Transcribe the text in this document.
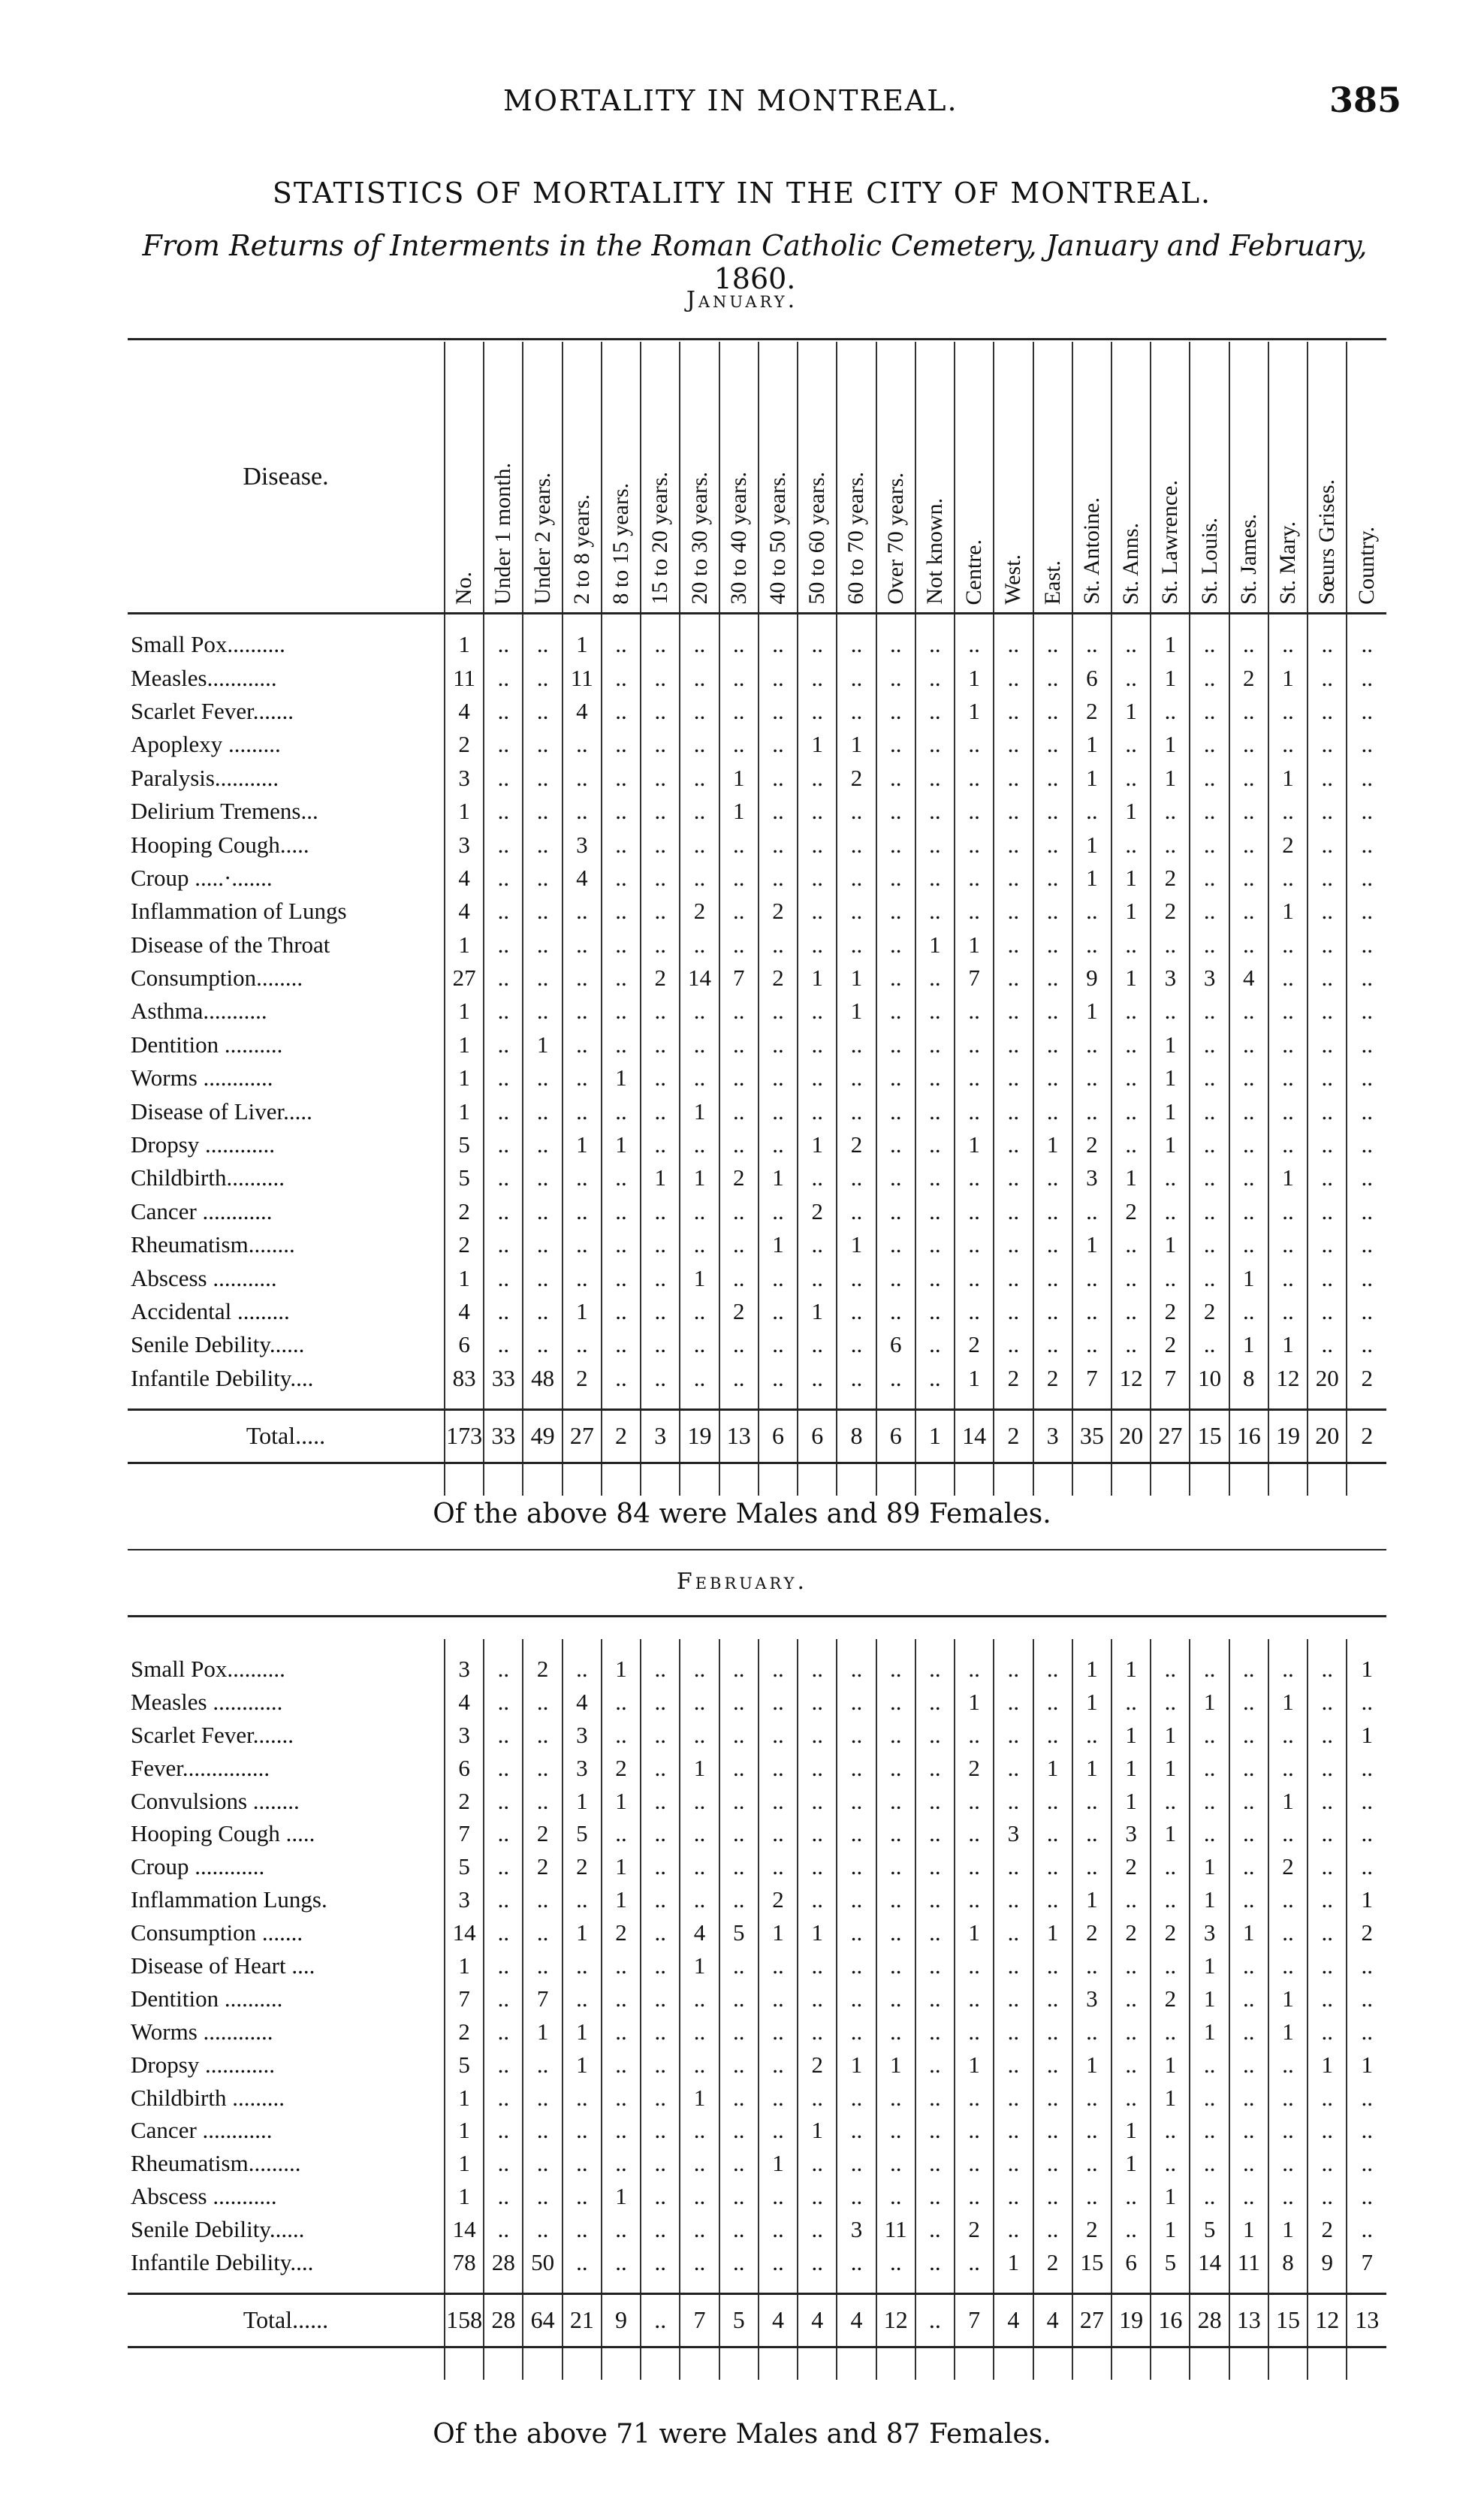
MORTALITY IN MONTREAL.	385
STATISTICS OF MORTALITY IN THE CITY OF MONTREAL.
From Returns of Interments in the Roman Catholic Cemetery, January and February, 1860.
January.
Disease.	No.	Under 1 month.	Under 2 years.	2 to 8 years.	8 to 15 years.	15 to 20 years.	20 to 30 years.	30 to 40 years.	40 to 50 years.	50 to 60 years.	60 to 70 years.	Over 70 years.	Not known.	Centre.	West.	East.	St. Antoine.	St. Anns.	St. Lawrence.	St. Louis.	St. James.	St. Mary.	Sœurs Grises.	Country.

Small Pox..........	1	..	..	1	..	..	..	..	..	..	..	..	..	..	..	..	..	..	1	..	..	..	..	..
Measles............	11	..	..	11	..	..	..	..	..	..	..	..	..	1	..	..	6	..	1	..	2	1	..	..
Scarlet Fever.......	4	..	..	4	..	..	..	..	..	..	..	..	..	1	..	..	2	1	..	..	..	..	..	..
Apoplexy .........	2	..	..	..	..	..	..	..	..	1	1	..	..	..	..	..	1	..	1	..	..	..	..	..
Paralysis...........	3	..	..	..	..	..	..	1	..	..	2	..	..	..	..	..	1	..	1	..	..	1	..	..
Delirium Tremens...	1	..	..	..	..	..	..	1	..	..	..	..	..	..	..	..	..	1	..	..	..	..	..	..
Hooping Cough.....	3	..	..	3	..	..	..	..	..	..	..	..	..	..	..	..	1	..	..	..	..	2	..	..
Croup .....·.......	4	..	..	4	..	..	..	..	..	..	..	..	..	..	..	..	1	1	2	..	..	..	..	..
Inflammation of Lungs	4	..	..	..	..	..	2	..	2	..	..	..	..	..	..	..	..	1	2	..	..	1	..	..
Disease of the Throat	1	..	..	..	..	..	..	..	..	..	..	..	1	1	..	..	..	..	..	..	..	..	..	..
Consumption........	27	..	..	..	..	2	14	7	2	1	1	..	..	7	..	..	9	1	3	3	4	..	..	..
Asthma...........	1	..	..	..	..	..	..	..	..	..	1	..	..	..	..	..	1	..	..	..	..	..	..	..
Dentition ..........	1	..	1	..	..	..	..	..	..	..	..	..	..	..	..	..	..	..	1	..	..	..	..	..
Worms ............	1	..	..	..	1	..	..	..	..	..	..	..	..	..	..	..	..	..	1	..	..	..	..	..
Disease of Liver.....	1	..	..	..	..	..	1	..	..	..	..	..	..	..	..	..	..	..	1	..	..	..	..	..
Dropsy ............	5	..	..	1	1	..	..	..	..	1	2	..	..	1	..	1	2	..	1	..	..	..	..	..
Childbirth..........	5	..	..	..	..	1	1	2	1	..	..	..	..	..	..	..	3	1	..	..	..	1	..	..
Cancer ............	2	..	..	..	..	..	..	..	..	2	..	..	..	..	..	..	..	2	..	..	..	..	..	..
Rheumatism........	2	..	..	..	..	..	..	..	1	..	1	..	..	..	..	..	1	..	1	..	..	..	..	..
Abscess ...........	1	..	..	..	..	..	1	..	..	..	..	..	..	..	..	..	..	..	..	..	1	..	..	..
Accidental .........	4	..	..	1	..	..	..	2	..	1	..	..	..	..	..	..	..	..	2	2	..	..	..	..
Senile Debility......	6	..	..	..	..	..	..	..	..	..	..	6	..	2	..	..	..	..	2	..	1	1	..	..
Infantile Debility....	83	33	48	2	..	..	..	..	..	..	..	..	..	1	2	2	7	12	7	10	8	12	20	2

Total.....	173	33	49	27	2	3	19	13	6	6	8	6	1	14	2	3	35	20	27	15	16	19	20	2

Of the above 84 were Males and 89 Females.
February.

Small Pox..........	3	..	2	..	1	..	..	..	..	..	..	..	..	..	..	..	1	1	..	..	..	..	..	1
Measles ............	4	..	..	4	..	..	..	..	..	..	..	..	..	1	..	..	1	..	..	1	..	1	..	..
Scarlet Fever.......	3	..	..	3	..	..	..	..	..	..	..	..	..	..	..	..	..	1	1	..	..	..	..	1
Fever...............	6	..	..	3	2	..	1	..	..	..	..	..	..	2	..	1	1	1	1	..	..	..	..	..
Convulsions ........	2	..	..	1	1	..	..	..	..	..	..	..	..	..	..	..	..	1	..	..	..	1	..	..
Hooping Cough .....	7	..	2	5	..	..	..	..	..	..	..	..	..	..	3	..	..	3	1	..	..	..	..	..
Croup ............	5	..	2	2	1	..	..	..	..	..	..	..	..	..	..	..	..	2	..	1	..	2	..	..
Inflammation Lungs.	3	..	..	..	1	..	..	..	2	..	..	..	..	..	..	..	1	..	..	1	..	..	..	1
Consumption .......	14	..	..	1	2	..	4	5	1	1	..	..	..	1	..	1	2	2	2	3	1	..	..	2
Disease of Heart ....	1	..	..	..	..	..	1	..	..	..	..	..	..	..	..	..	..	..	..	1	..	..	..	..
Dentition ..........	7	..	7	..	..	..	..	..	..	..	..	..	..	..	..	..	3	..	2	1	..	1	..	..
Worms ............	2	..	1	1	..	..	..	..	..	..	..	..	..	..	..	..	..	..	..	1	..	1	..	..
Dropsy ............	5	..	..	1	..	..	..	..	..	2	1	1	..	1	..	..	1	..	1	..	..	..	1	1
Childbirth .........	1	..	..	..	..	..	1	..	..	..	..	..	..	..	..	..	..	..	1	..	..	..	..	..
Cancer ............	1	..	..	..	..	..	..	..	..	1	..	..	..	..	..	..	..	1	..	..	..	..	..	..
Rheumatism.........	1	..	..	..	..	..	..	..	1	..	..	..	..	..	..	..	..	1	..	..	..	..	..	..
Abscess ...........	1	..	..	..	1	..	..	..	..	..	..	..	..	..	..	..	..	..	1	..	..	..	..	..
Senile Debility......	14	..	..	..	..	..	..	..	..	..	3	11	..	2	..	..	2	..	1	5	1	1	2	..
Infantile Debility....	78	28	50	..	..	..	..	..	..	..	..	..	..	..	1	2	15	6	5	14	11	8	9	7

Total......	158	28	64	21	9	..	7	5	4	4	4	12	..	7	4	4	27	19	16	28	13	15	12	13

Of the above 71 were Males and 87 Females.
